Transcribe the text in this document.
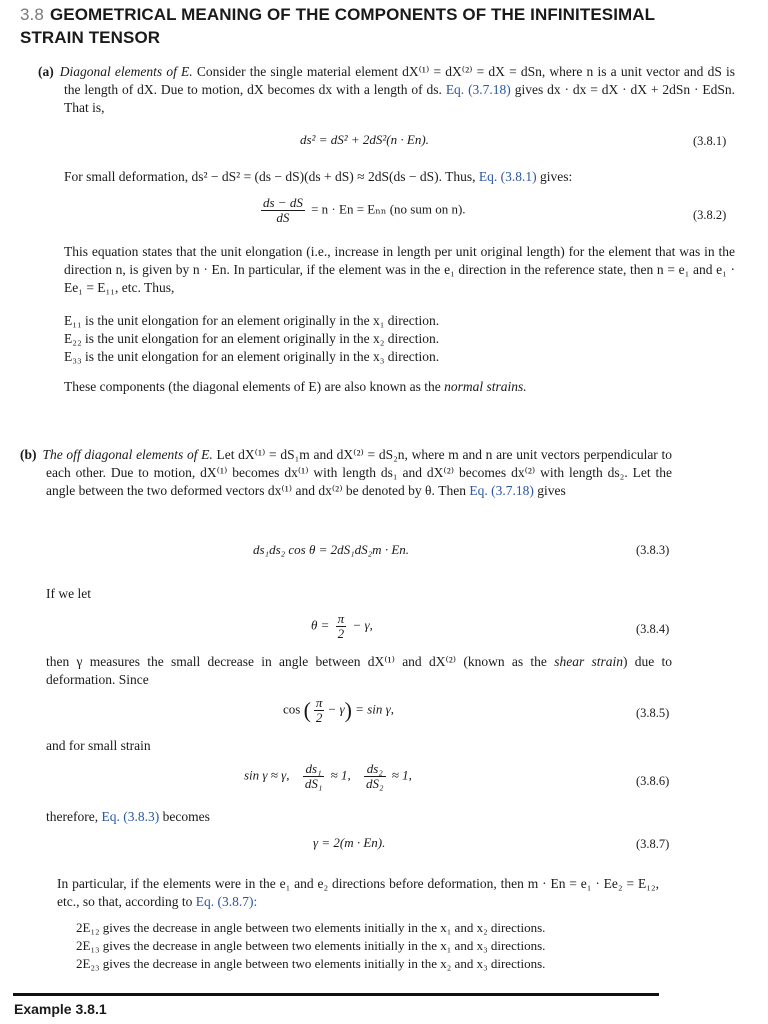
3.8 GEOMETRICAL MEANING OF THE COMPONENTS OF THE INFINITESIMAL
STRAIN TENSOR
(a) Diagonal elements of E. Consider the single material element dX⁽¹⁾ = dX⁽²⁾ = dX = dSn, where n is a unit vector and dS is the length of dX. Due to motion, dX becomes dx with a length of ds. Eq. (3.7.18) gives dx · dx = dX · dX + 2dSn · EdSn. That is,
ds² = dS² + 2dS²(n · En).	(3.8.1)
For small deformation, ds² − dS² = (ds − dS)(ds + dS) ≈ 2dS(ds − dS). Thus, Eq. (3.8.1) gives:
$\frac{ds - dS}{dS} = n \cdot En = E_{nn}$ (no sum on n).	(3.8.2)
This equation states that the unit elongation (i.e., increase in length per unit original length) for the element that was in the direction n, is given by n · En. In particular, if the element was in the e₁ direction in the reference state, then n = e₁ and e₁ · Ee₁ = E₁₁, etc. Thus,
E₁₁ is the unit elongation for an element originally in the x₁ direction.
E₂₂ is the unit elongation for an element originally in the x₂ direction.
E₃₃ is the unit elongation for an element originally in the x₃ direction.
These components (the diagonal elements of E) are also known as the normal strains.
(b) The off diagonal elements of E. Let dX⁽¹⁾ = dS₁m and dX⁽²⁾ = dS₂n, where m and n are unit vectors perpendicular to each other. Due to motion, dX⁽¹⁾ becomes dx⁽¹⁾ with length ds₁ and dX⁽²⁾ becomes dx⁽²⁾ with length ds₂. Let the angle between the two deformed vectors dx⁽¹⁾ and dx⁽²⁾ be denoted by θ. Then Eq. (3.7.18) gives
ds₁ds₂ cos θ = 2dS₁dS₂m · En.	(3.8.3)
If we let
$\theta = \frac{\pi}{2} - \gamma$,	(3.8.4)
then γ measures the small decrease in angle between dX⁽¹⁾ and dX⁽²⁾ (known as the shear strain) due to deformation. Since
cos ( $\frac{\pi}{2} - \gamma) = \sin \gamma$,	(3.8.5)
and for small strain
sin γ ≈ γ, $\frac{\text{ds₁}}{\text{dS₁}} \approx 1$, $\frac{\text{ds₂}}{\text{dS₂}} \approx 1$,	(3.8.6)
therefore, Eq. (3.8.3) becomes
γ = 2(m · En).	(3.8.7)
In particular, if the elements were in the e₁ and e₂ directions before deformation, then m · En = e₁ · Ee₂ = E₁₂, etc., so that, according to Eq. (3.8.7):
2E₁₂ gives the decrease in angle between two elements initially in the x₁ and x₂ directions.
2E₁₃ gives the decrease in angle between two elements initially in the x₁ and x₃ directions.
2E₂₃ gives the decrease in angle between two elements initially in the x₂ and x₃ directions.
Example 3.8.1
